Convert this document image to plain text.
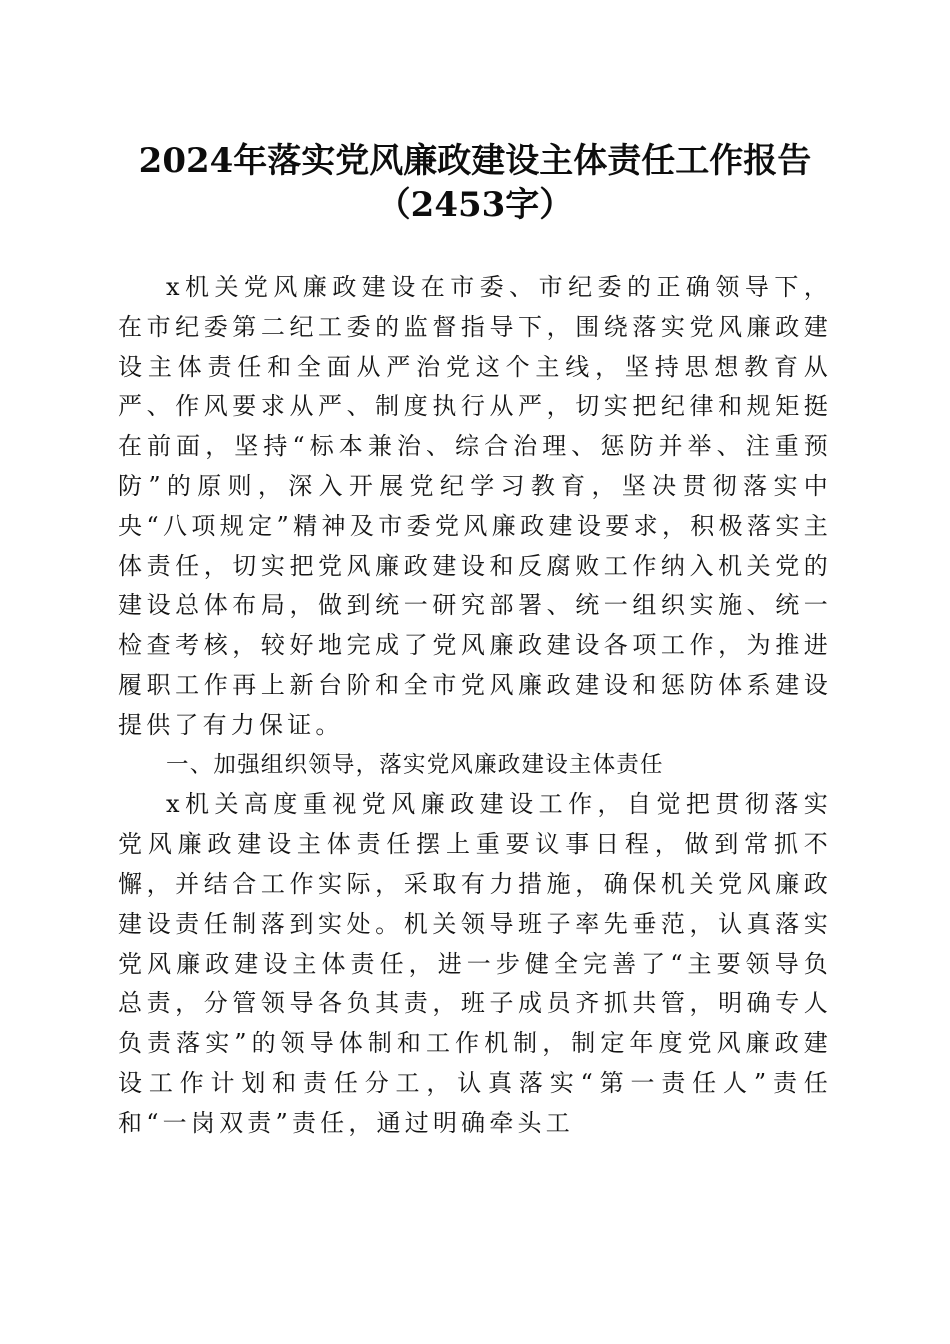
2024年落实党风廉政建设主体责任工作报告
（2453字）

x机关党风廉政建设在市委、市纪委的正确领导下，在市纪委第二纪工委的监督指导下，围绕落实党风廉政建设主体责任和全面从严治党这个主线，坚持思想教育从严、作风要求从严、制度执行从严，切实把纪律和规矩挺在前面，坚持“标本兼治、综合治理、惩防并举、注重预防”的原则，深入开展党纪学习教育，坚决贯彻落实中央“八项规定”精神及市委党风廉政建设要求，积极落实主体责任，切实把党风廉政建设和反腐败工作纳入机关党的建设总体布局，做到统一研究部署、统一组织实施、统一检查考核，较好地完成了党风廉政建设各项工作，为推进履职工作再上新台阶和全市党风廉政建设和惩防体系建设提供了有力保证。

一、加强组织领导，落实党风廉政建设主体责任

x机关高度重视党风廉政建设工作，自觉把贯彻落实党风廉政建设主体责任摆上重要议事日程，做到常抓不懈，并结合工作实际，采取有力措施，确保机关党风廉政建设责任制落到实处。机关领导班子率先垂范，认真落实党风廉政建设主体责任，进一步健全完善了“主要领导负总责，分管领导各负其责，班子成员齐抓共管，明确专人负责落实”的领导体制和工作机制，制定年度党风廉政建设工作计划和责任分工，认真落实“第一责任人”责任和“一岗双责”责任，通过明确牵头工
